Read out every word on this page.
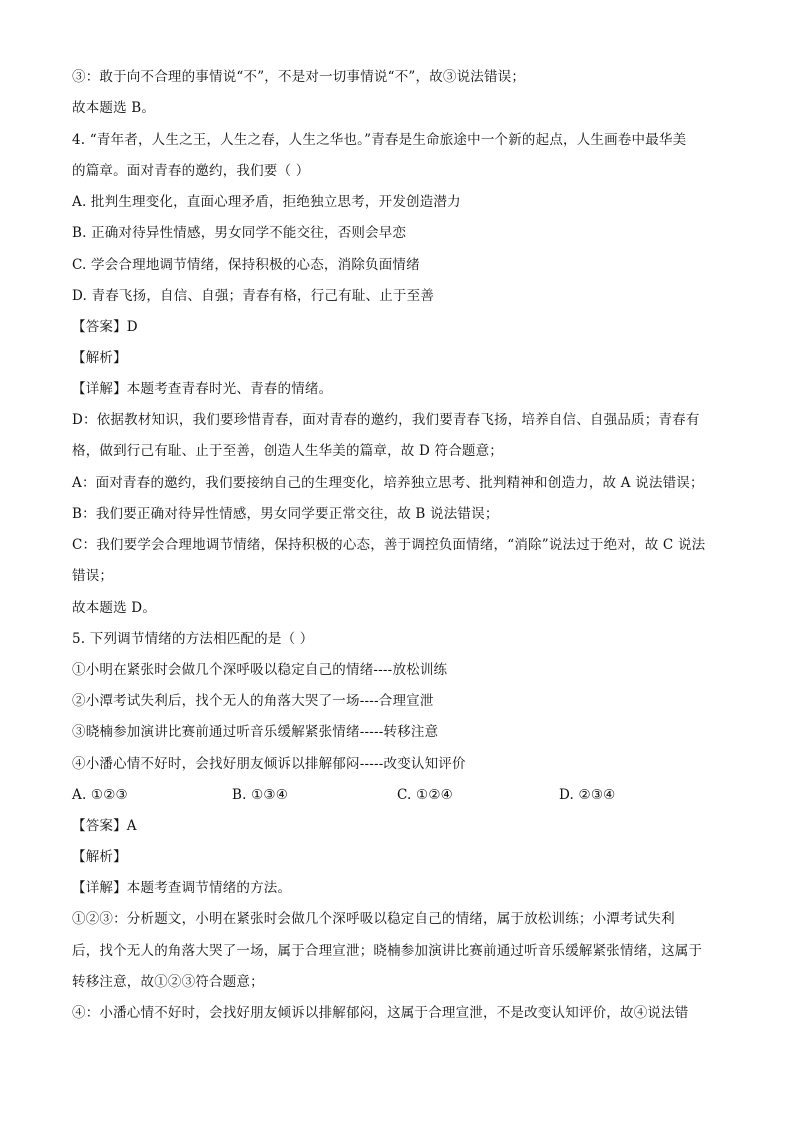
③：敢于向不合理的事情说“不”，不是对一切事情说“不”，故③说法错误；
故本题选 B。
4. “青年者，人生之王，人生之春，人生之华也。”青春是生命旅途中一个新的起点，人生画卷中最华美
的篇章。面对青春的邀约，我们要（ ）
A. 批判生理变化，直面心理矛盾，拒绝独立思考，开发创造潜力
B. 正确对待异性情感，男女同学不能交往，否则会早恋
C. 学会合理地调节情绪，保持积极的心态，消除负面情绪
D. 青春飞扬，自信、自强；青春有格，行己有耻、止于至善
【答案】D
【解析】
【详解】本题考查青春时光、青春的情绪。
D：依据教材知识，我们要珍惜青春，面对青春的邀约，我们要青春飞扬，培养自信、自强品质；青春有
格，做到行己有耻、止于至善，创造人生华美的篇章，故 D 符合题意；
A：面对青春的邀约，我们要接纳自己的生理变化，培养独立思考、批判精神和创造力，故 A 说法错误；
B：我们要正确对待异性情感，男女同学要正常交往，故 B 说法错误；
C：我们要学会合理地调节情绪，保持积极的心态，善于调控负面情绪，“消除”说法过于绝对，故 C 说法
错误；
故本题选 D。
5. 下列调节情绪的方法相匹配的是（ ）
①小明在紧张时会做几个深呼吸以稳定自己的情绪----放松训练
②小潭考试失利后，找个无人的角落大哭了一场----合理宣泄
③晓楠参加演讲比赛前通过听音乐缓解紧张情绪-----转移注意
④小潘心情不好时，会找好朋友倾诉以排解郁闷-----改变认知评价
A. ①②③	B. ①③④	C. ①②④	D. ②③④
【答案】A
【解析】
【详解】本题考查调节情绪的方法。
①②③：分析题文，小明在紧张时会做几个深呼吸以稳定自己的情绪，属于放松训练；小潭考试失利
后，找个无人的角落大哭了一场，属于合理宣泄；晓楠参加演讲比赛前通过听音乐缓解紧张情绪，这属于
转移注意，故①②③符合题意；
④：小潘心情不好时，会找好朋友倾诉以排解郁闷，这属于合理宣泄，不是改变认知评价，故④说法错
